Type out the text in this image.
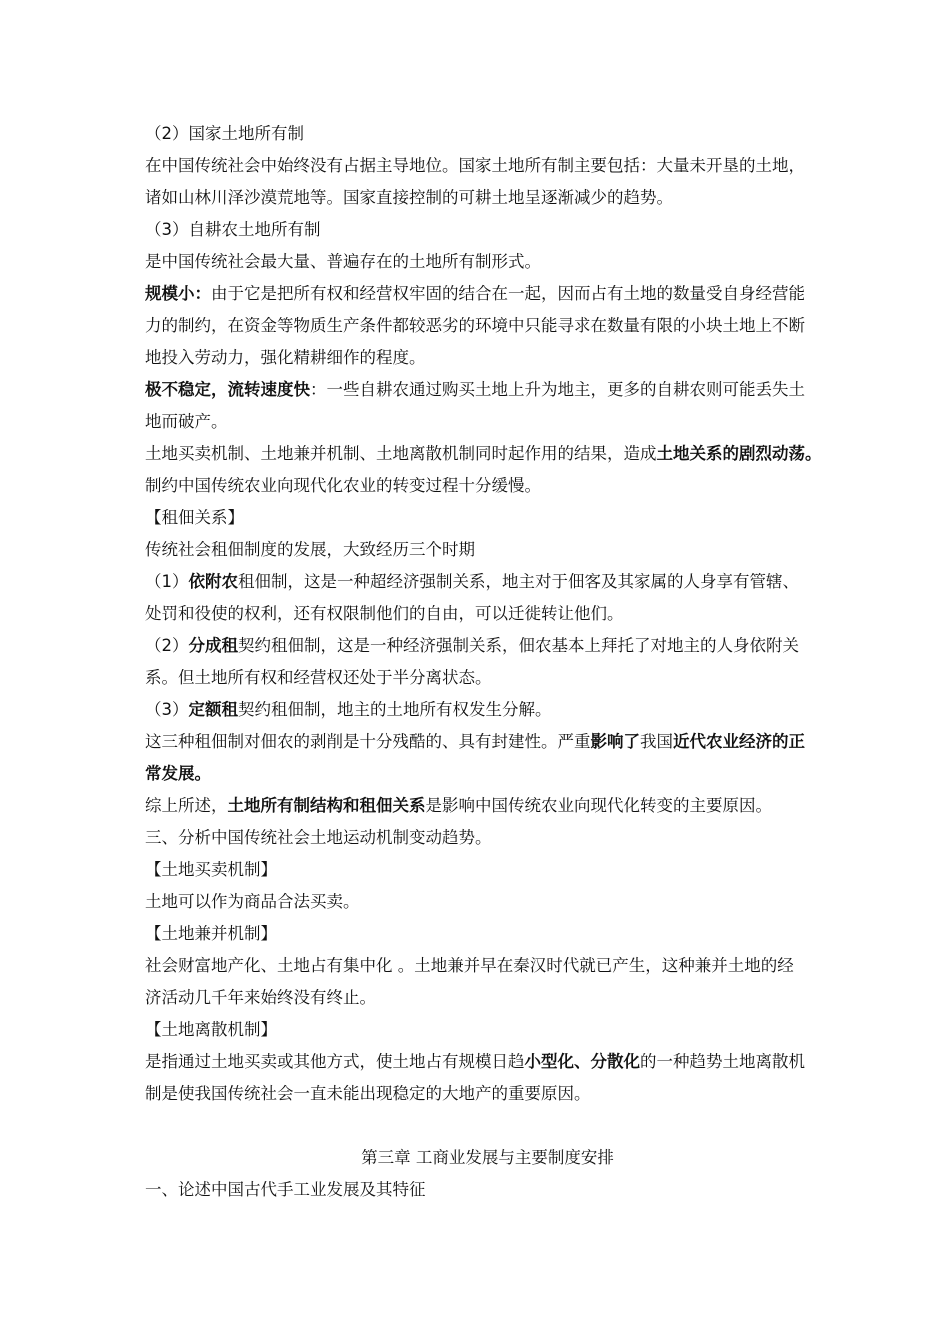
（2）国家土地所有制
在中国传统社会中始终没有占据主导地位。国家土地所有制主要包括：大量未开垦的土地，
诸如山林川泽沙漠荒地等。国家直接控制的可耕土地呈逐渐减少的趋势。
（3）自耕农土地所有制
是中国传统社会最大量、普遍存在的土地所有制形式。
规模小：由于它是把所有权和经营权牢固的结合在一起，因而占有土地的数量受自身经营能
力的制约，在资金等物质生产条件都较恶劣的环境中只能寻求在数量有限的小块土地上不断
地投入劳动力，强化精耕细作的程度。
极不稳定，流转速度快：一些自耕农通过购买土地上升为地主，更多的自耕农则可能丢失土
地而破产。
土地买卖机制、土地兼并机制、土地离散机制同时起作用的结果，造成土地关系的剧烈动荡。
制约中国传统农业向现代化农业的转变过程十分缓慢。
【租佃关系】
传统社会租佃制度的发展，大致经历三个时期
（1）依附农租佃制，这是一种超经济强制关系，地主对于佃客及其家属的人身享有管辖、
处罚和役使的权利，还有权限制他们的自由，可以迁徙转让他们。
（2）分成租契约租佃制，这是一种经济强制关系，佃农基本上拜托了对地主的人身依附关
系。但土地所有权和经营权还处于半分离状态。
（3）定额租契约租佃制，地主的土地所有权发生分解。
这三种租佃制对佃农的剥削是十分残酷的、具有封建性。严重影响了我国近代农业经济的正
常发展。
综上所述，土地所有制结构和租佃关系是影响中国传统农业向现代化转变的主要原因。
三、分析中国传统社会土地运动机制变动趋势。
【土地买卖机制】
土地可以作为商品合法买卖。
【土地兼并机制】
社会财富地产化、土地占有集中化 。土地兼并早在秦汉时代就已产生，这种兼并土地的经
济活动几千年来始终没有终止。
【土地离散机制】
是指通过土地买卖或其他方式，使土地占有规模日趋小型化、分散化的一种趋势土地离散机
制是使我国传统社会一直未能出现稳定的大地产的重要原因。
第三章 工商业发展与主要制度安排
一、论述中国古代手工业发展及其特征
